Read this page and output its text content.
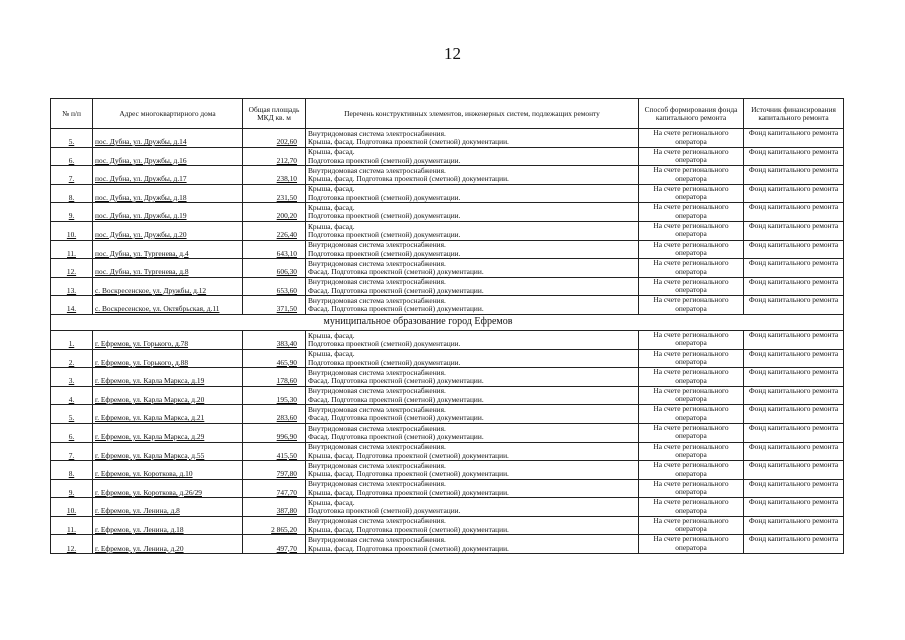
12
№ п/п	Адрес многоквартирного дома	Общая площадь МКД кв. м	Перечень конструктивных элементов, инженерных систем, подлежащих ремонту	Способ формирования фонда капитального ремонта	Источник финансирования капитального ремонта
5.	пос. Дубна, ул. Дружбы, д.14	202,60	Внутридомовая система электроснабжения.
Крыша, фасад. Подготовка проектной (сметной) документации.	На счете регионального оператора	Фонд капитального ремонта
6.	пос. Дубна, ул. Дружбы, д.16	212,70	Крыша, фасад.
Подготовка проектной (сметной) документации.	На счете регионального оператора	Фонд капитального ремонта
7.	пос. Дубна, ул. Дружбы, д.17	238,10	Внутридомовая система электроснабжения.
Крыша, фасад. Подготовка проектной (сметной) документации.	На счете регионального оператора	Фонд капитального ремонта
8.	пос. Дубна, ул. Дружбы, д.18	231,50	Крыша, фасад.
Подготовка проектной (сметной) документации.	На счете регионального оператора	Фонд капитального ремонта
9.	пос. Дубна, ул. Дружбы, д.19	200,20	Крыша, фасад.
Подготовка проектной (сметной) документации.	На счете регионального оператора	Фонд капитального ремонта
10.	пос. Дубна, ул. Дружбы, д.20	226,40	Крыша, фасад.
Подготовка проектной (сметной) документации.	На счете регионального оператора	Фонд капитального ремонта
11.	пос. Дубна, ул. Тургенева, д.4	643,10	Внутридомовая система электроснабжения.
Подготовка проектной (сметной) документации.	На счете регионального оператора	Фонд капитального ремонта
12.	пос. Дубна, ул. Тургенева, д.8	606,30	Внутридомовая система электроснабжения.
Фасад. Подготовка проектной (сметной) документации.	На счете регионального оператора	Фонд капитального ремонта
13.	с. Воскресенское, ул. Дружбы, д.12	653,60	Внутридомовая система электроснабжения.
Фасад. Подготовка проектной (сметной) документации.	На счете регионального оператора	Фонд капитального ремонта
14.	с. Воскресенское, ул. Октябрьская, д.11	371,50	Внутридомовая система электроснабжения.
Фасад. Подготовка проектной (сметной) документации.	На счете регионального оператора	Фонд капитального ремонта
	муниципальное образование город Ефремов				
1.	г. Ефремов, ул. Горького, д.78	383,40	Крыша, фасад.
Подготовка проектной (сметной) документации.	На счете регионального оператора	Фонд капитального ремонта
2.	г. Ефремов, ул. Горького, д.88	465,90	Крыша, фасад.
Подготовка проектной (сметной) документации.	На счете регионального оператора	Фонд капитального ремонта
3.	г. Ефремов, ул. Карла Маркса, д.19	178,60	Внутридомовая система электроснабжения.
Фасад. Подготовка проектной (сметной) документации.	На счете регионального оператора	Фонд капитального ремонта
4.	г. Ефремов, ул. Карла Маркса, д.20	195,30	Внутридомовая система электроснабжения.
Фасад. Подготовка проектной (сметной) документации.	На счете регионального оператора	Фонд капитального ремонта
5.	г. Ефремов, ул. Карла Маркса, д.21	283,60	Внутридомовая система электроснабжения.
Фасад. Подготовка проектной (сметной) документации.	На счете регионального оператора	Фонд капитального ремонта
6.	г. Ефремов, ул. Карла Маркса, д.29	996,90	Внутридомовая система электроснабжения.
Фасад. Подготовка проектной (сметной) документации.	На счете регионального оператора	Фонд капитального ремонта
7.	г. Ефремов, ул. Карла Маркса, д.55	415,50	Внутридомовая система электроснабжения.
Крыша, фасад. Подготовка проектной (сметной) документации.	На счете регионального оператора	Фонд капитального ремонта
8.	г. Ефремов, ул. Короткова, д.10	797,80	Внутридомовая система электроснабжения.
Крыша, фасад. Подготовка проектной (сметной) документации.	На счете регионального оператора	Фонд капитального ремонта
9.	г. Ефремов, ул. Короткова, д.26/29	747,70	Внутридомовая система электроснабжения.
Крыша, фасад. Подготовка проектной (сметной) документации.	На счете регионального оператора	Фонд капитального ремонта
10.	г. Ефремов, ул. Ленина, д.8	387,80	Крыша, фасад.
Подготовка проектной (сметной) документации.	На счете регионального оператора	Фонд капитального ремонта
11.	г. Ефремов, ул. Ленина, д.18	2 865,20	Внутридомовая система электроснабжения.
Крыша, фасад. Подготовка проектной (сметной) документации.	На счете регионального оператора	Фонд капитального ремонта
12.	г. Ефремов, ул. Ленина, д.20	497,70	Внутридомовая система электроснабжения.
Крыша, фасад. Подготовка проектной (сметной) документации.	На счете регионального оператора	Фонд капитального ремонта
